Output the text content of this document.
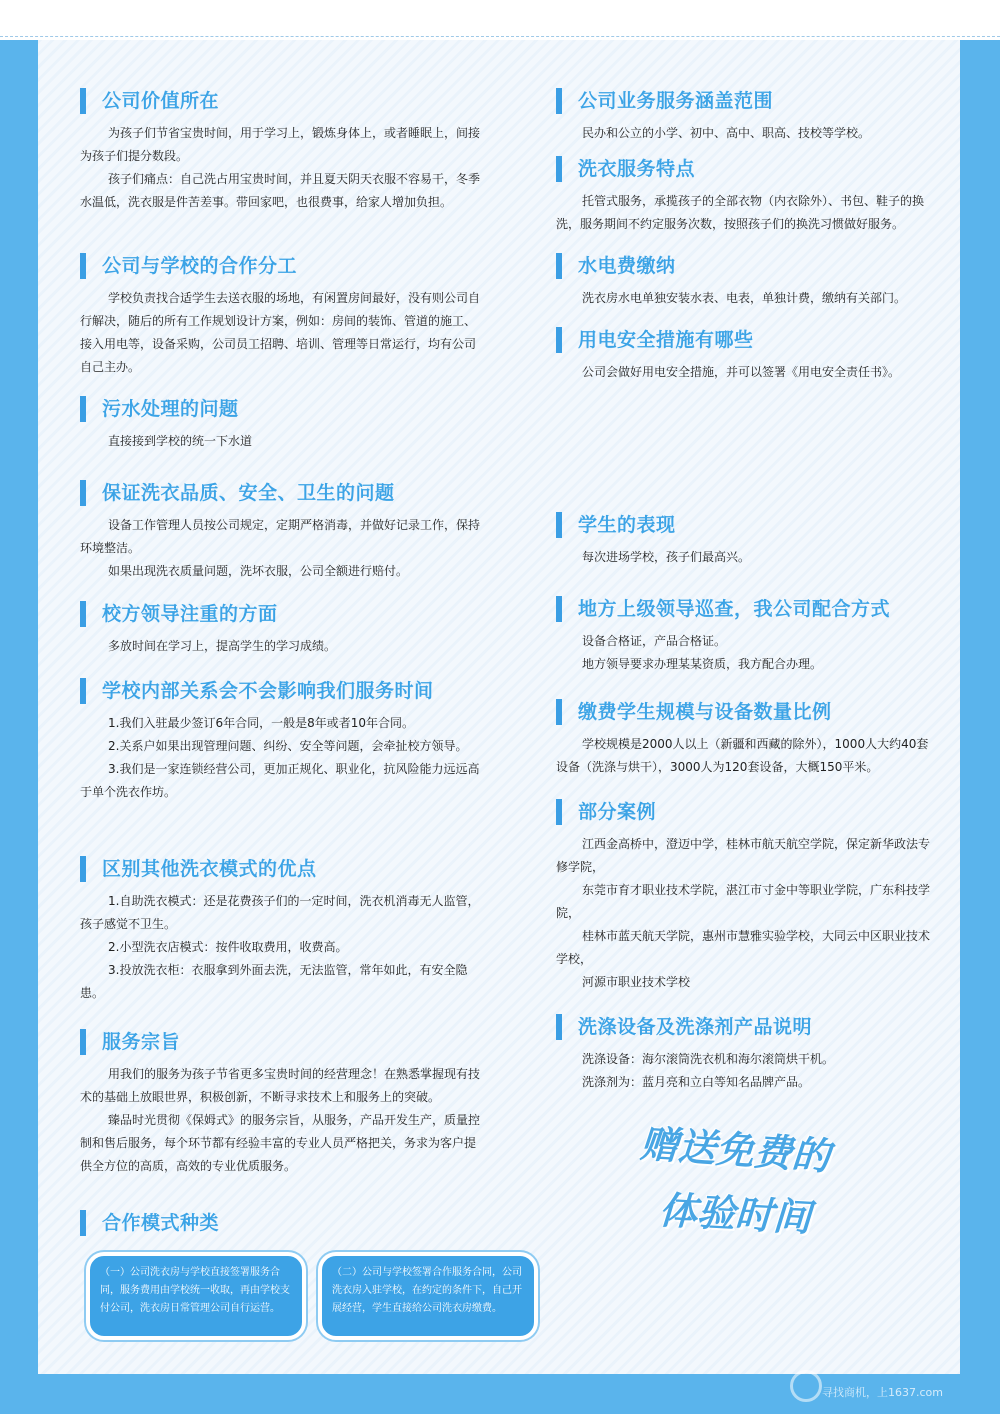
公司价值所在

为孩子们节省宝贵时间，用于学习上，锻炼身体上，或者睡眠上，间接为孩子们提分数段。

孩子们痛点：自己洗占用宝贵时间，并且夏天阴天衣服不容易干，冬季水温低，洗衣服是件苦差事。带回家吧，也很费事，给家人增加负担。

公司与学校的合作分工

学校负责找合适学生去送衣服的场地，有闲置房间最好，没有则公司自行解决，随后的所有工作规划设计方案，例如：房间的装饰、管道的施工、接入用电等，设备采购，公司员工招聘、培训、管理等日常运行，均有公司自己主办。

污水处理的问题

直接接到学校的统一下水道

保证洗衣品质、安全、卫生的问题

设备工作管理人员按公司规定，定期严格消毒，并做好记录工作，保持环境整洁。

如果出现洗衣质量问题，洗坏衣服，公司全额进行赔付。

校方领导注重的方面

多放时间在学习上，提高学生的学习成绩。

学校内部关系会不会影响我们服务时间

1.我们入驻最少签订6年合同，一般是8年或者10年合同。

2.关系户如果出现管理问题、纠纷、安全等问题，会牵扯校方领导。

3.我们是一家连锁经营公司，更加正规化、职业化，抗风险能力远远高于单个洗衣作坊。

区别其他洗衣模式的优点

1.自助洗衣模式：还是花费孩子们的一定时间，洗衣机消毒无人监管，孩子感觉不卫生。

2.小型洗衣店模式：按件收取费用，收费高。

3.投放洗衣柜：衣服拿到外面去洗，无法监管，常年如此，有安全隐患。

服务宗旨

用我们的服务为孩子节省更多宝贵时间的经营理念！在熟悉掌握现有技术的基础上放眼世界，积极创新，不断寻求技术上和服务上的突破。

臻品时光贯彻《保姆式》的服务宗旨，从服务，产品开发生产，质量控制和售后服务，每个环节都有经验丰富的专业人员严格把关，务求为客户提供全方位的高质，高效的专业优质服务。

合作模式种类
（一）公司洗衣房与学校直接签署服务合同，服务费用由学校统一收取，再由学校支付公司，洗衣房日常管理公司自行运营。
（二）公司与学校签署合作服务合同，公司洗衣房入驻学校，在约定的条件下，自己开展经营，学生直接给公司洗衣房缴费。
公司业务服务涵盖范围

民办和公立的小学、初中、高中、职高、技校等学校。

洗衣服务特点

托管式服务，承揽孩子的全部衣物（内衣除外）、书包、鞋子的换洗，服务期间不约定服务次数，按照孩子们的换洗习惯做好服务。

水电费缴纳

洗衣房水电单独安装水表、电表，单独计费，缴纳有关部门。

用电安全措施有哪些

公司会做好用电安全措施，并可以签署《用电安全责任书》。

学生的表现

每次进场学校，孩子们最高兴。

地方上级领导巡查，我公司配合方式

设备合格证，产品合格证。

地方领导要求办理某某资质，我方配合办理。

缴费学生规模与设备数量比例

学校规模是2000人以上（新疆和西藏的除外），1000人大约40套设备（洗涤与烘干），3000人为120套设备，大概150平米。

部分案例

江西金高桥中，澄迈中学，桂林市航天航空学院，保定新华政法专修学院，

东莞市育才职业技术学院，湛江市寸金中等职业学院，广东科技学院，

桂林市蓝天航天学院，惠州市慧雅实验学校，大同云中区职业技术学校，

河源市职业技术学校

洗涤设备及洗涤剂产品说明

洗涤设备：海尔滚筒洗衣机和海尔滚筒烘干机。

洗涤剂为：蓝月亮和立白等知名品牌产品。

赠送免费的
体验时间
寻找商机，上1637.com
